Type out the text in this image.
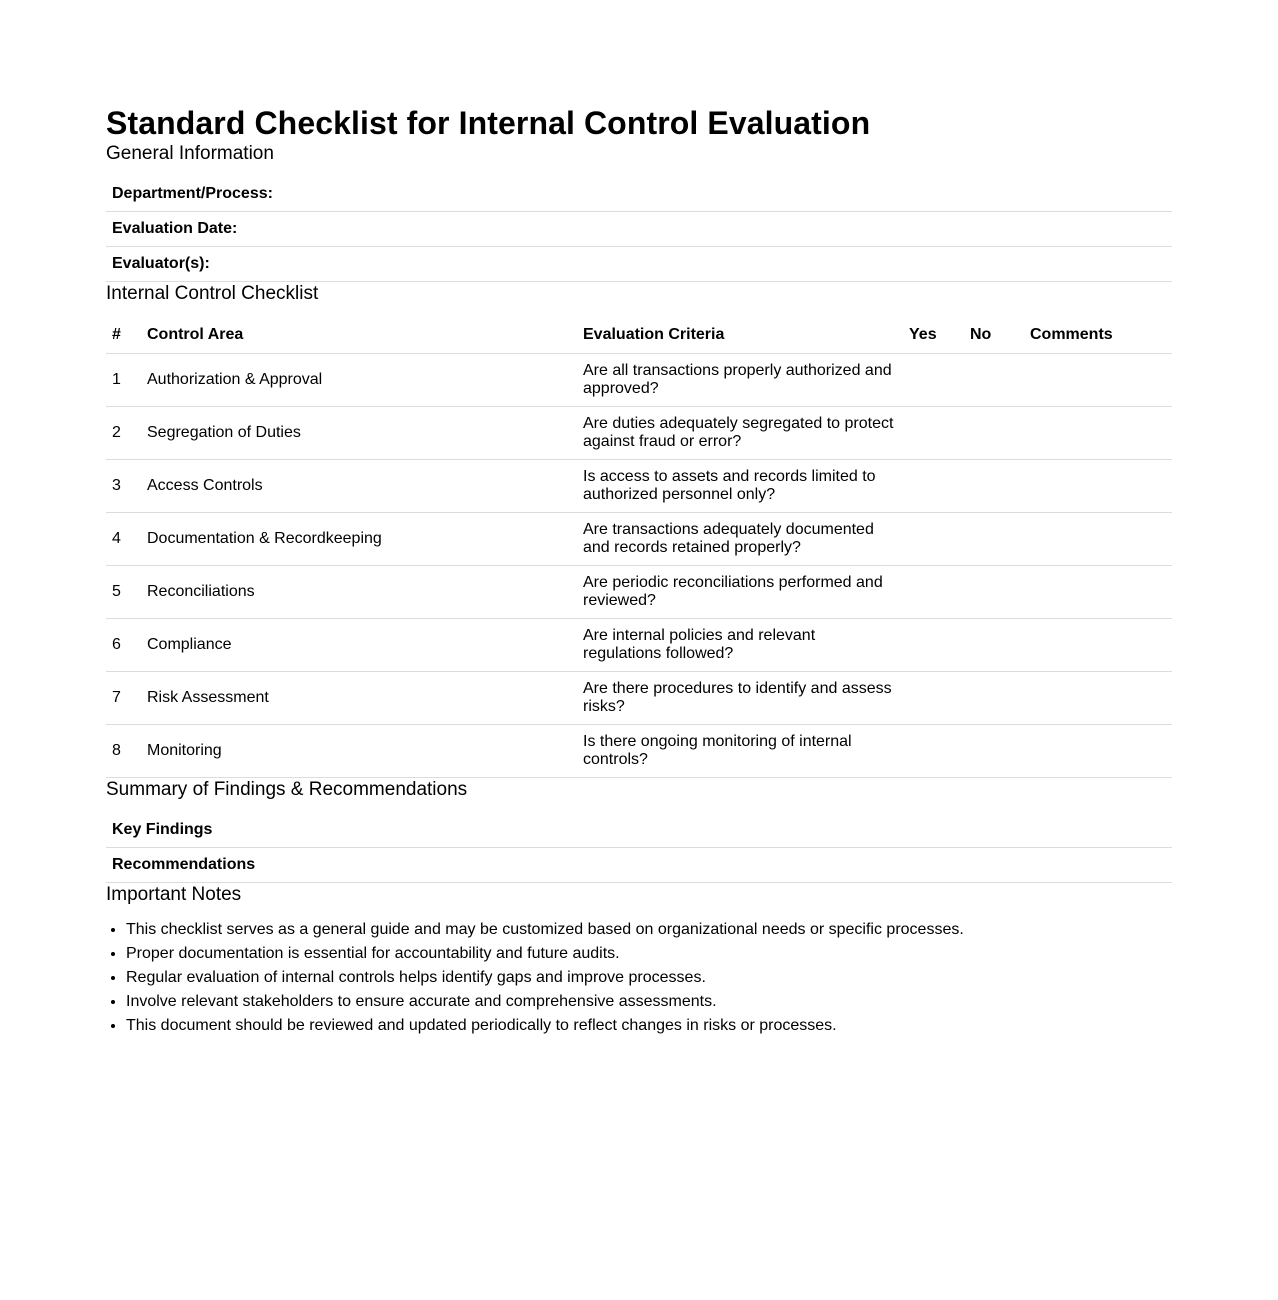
Standard Checklist for Internal Control Evaluation
General Information
Department/Process:
Evaluation Date:
Evaluator(s):
Internal Control Checklist
#	Control Area	Evaluation Criteria	Yes	No	Comments
1	Authorization & Approval	Are all transactions properly authorized and approved?			
2	Segregation of Duties	Are duties adequately segregated to protect against fraud or error?			
3	Access Controls	Is access to assets and records limited to authorized personnel only?			
4	Documentation & Recordkeeping	Are transactions adequately documented and records retained properly?			
5	Reconciliations	Are periodic reconciliations performed and reviewed?			
6	Compliance	Are internal policies and relevant regulations followed?			
7	Risk Assessment	Are there procedures to identify and assess risks?			
8	Monitoring	Is there ongoing monitoring of internal controls?			
Summary of Findings & Recommendations
Key Findings
Recommendations
Important Notes
• This checklist serves as a general guide and may be customized based on organizational needs or specific processes.
• Proper documentation is essential for accountability and future audits.
• Regular evaluation of internal controls helps identify gaps and improve processes.
• Involve relevant stakeholders to ensure accurate and comprehensive assessments.
• This document should be reviewed and updated periodically to reflect changes in risks or processes.
